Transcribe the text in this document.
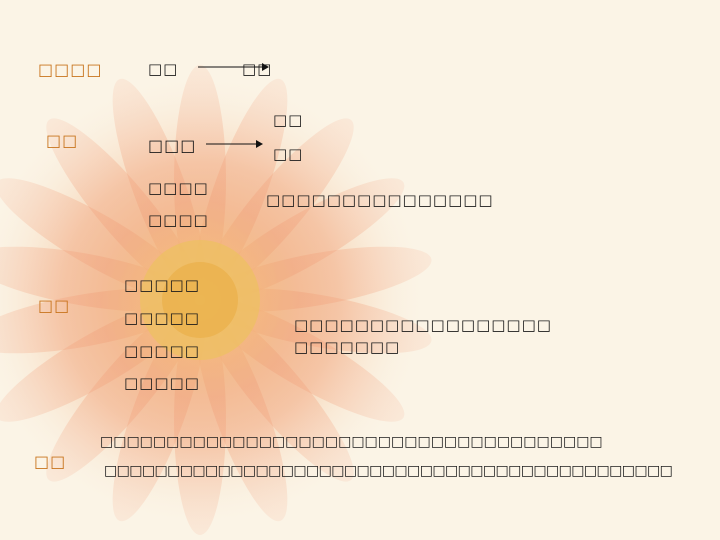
□□□□	□□	□□
□□	□□□
□□
□□
□□□□
□□□□
□□□□□□□□□□□□□□□
□□
□□□□□
□□□□□
□□□□□
□□□□□
□□□□□□□□□□□□□□□□□
□□□□□□□
□□
□□□□□□□□□□□□□□□□□□□□□□□□□□□□□□□□□□□□□□
□□□□□□□□□□□□□□□□□□□□□□□□□□□□□□□□□□□□□□□□□□□□□
